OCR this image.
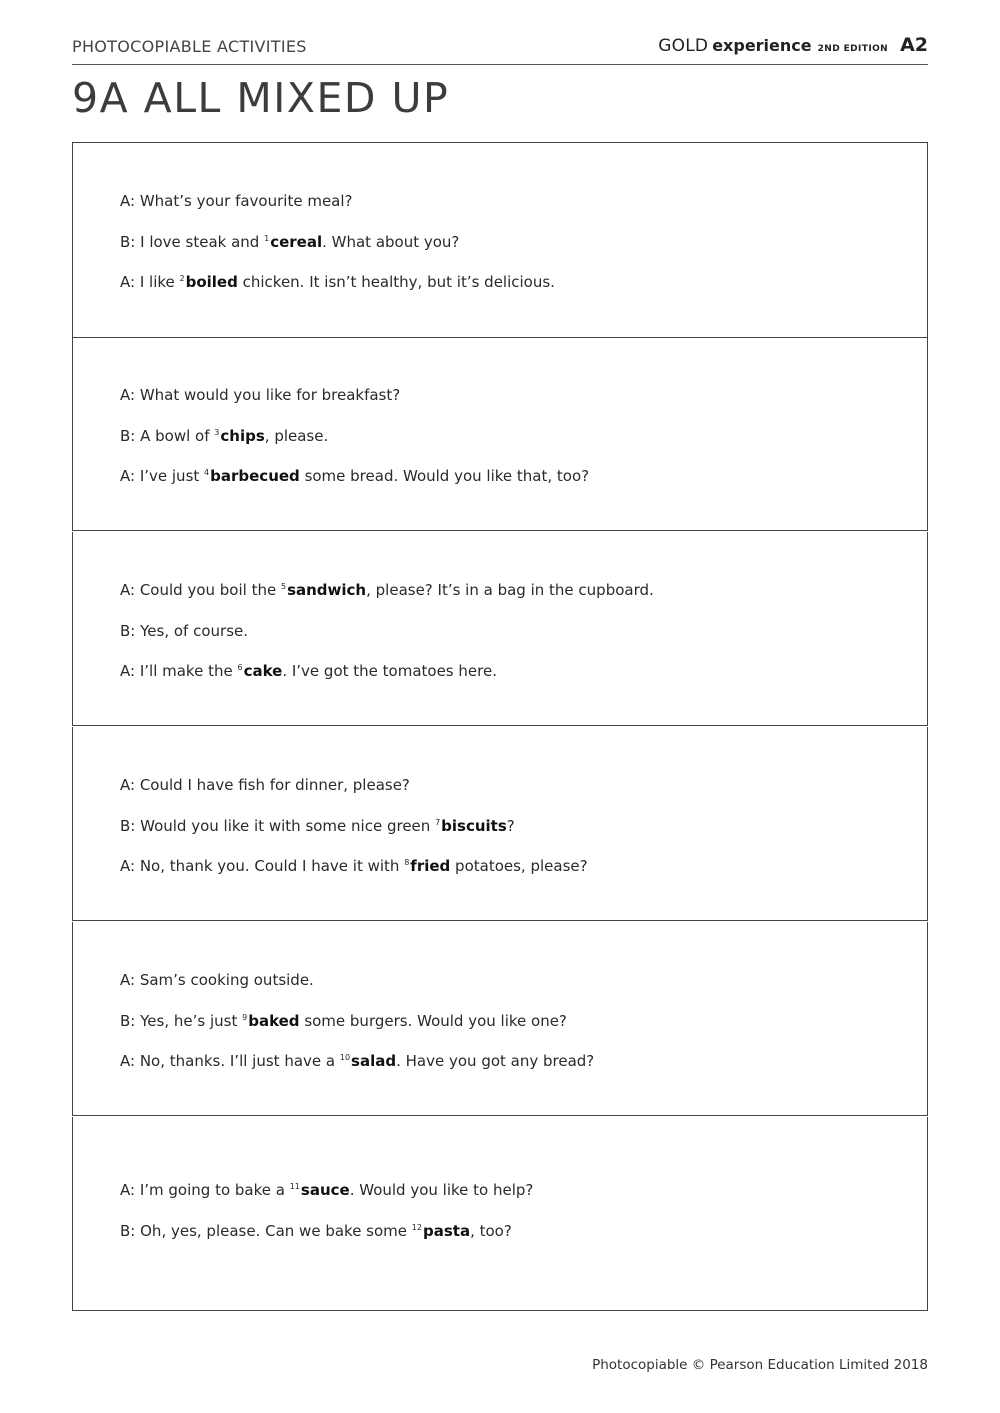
PHOTOCOPIABLE ACTIVITIES	GOLD experience 2ND EDITION A2
9A ALL MIXED UP
A: What’s your favourite meal?
B: I love steak and $^1$cereal. What about you?
A: I like $^2$boiled chicken. It isn’t healthy, but it’s delicious.
A: What would you like for breakfast?
B: A bowl of $^3$chips, please.
A: I’ve just $^4$barbecued some bread. Would you like that, too?
A: Could you boil the $^5$sandwich, please? It’s in a bag in the cupboard.
B: Yes, of course.
A: I’ll make the $^6$cake. I’ve got the tomatoes here.
A: Could I have fish for dinner, please?
B: Would you like it with some nice green $^7$biscuits?
A: No, thank you. Could I have it with $^8$fried potatoes, please?
A: Sam’s cooking outside.
B: Yes, he’s just $^9$baked some burgers. Would you like one?
A: No, thanks. I’ll just have a $^{10}$salad. Have you got any bread?
A: I’m going to bake a $^{11}$sauce. Would you like to help?
B: Oh, yes, please. Can we bake some $^{12}$pasta, too?
Photocopiable © Pearson Education Limited 2018
